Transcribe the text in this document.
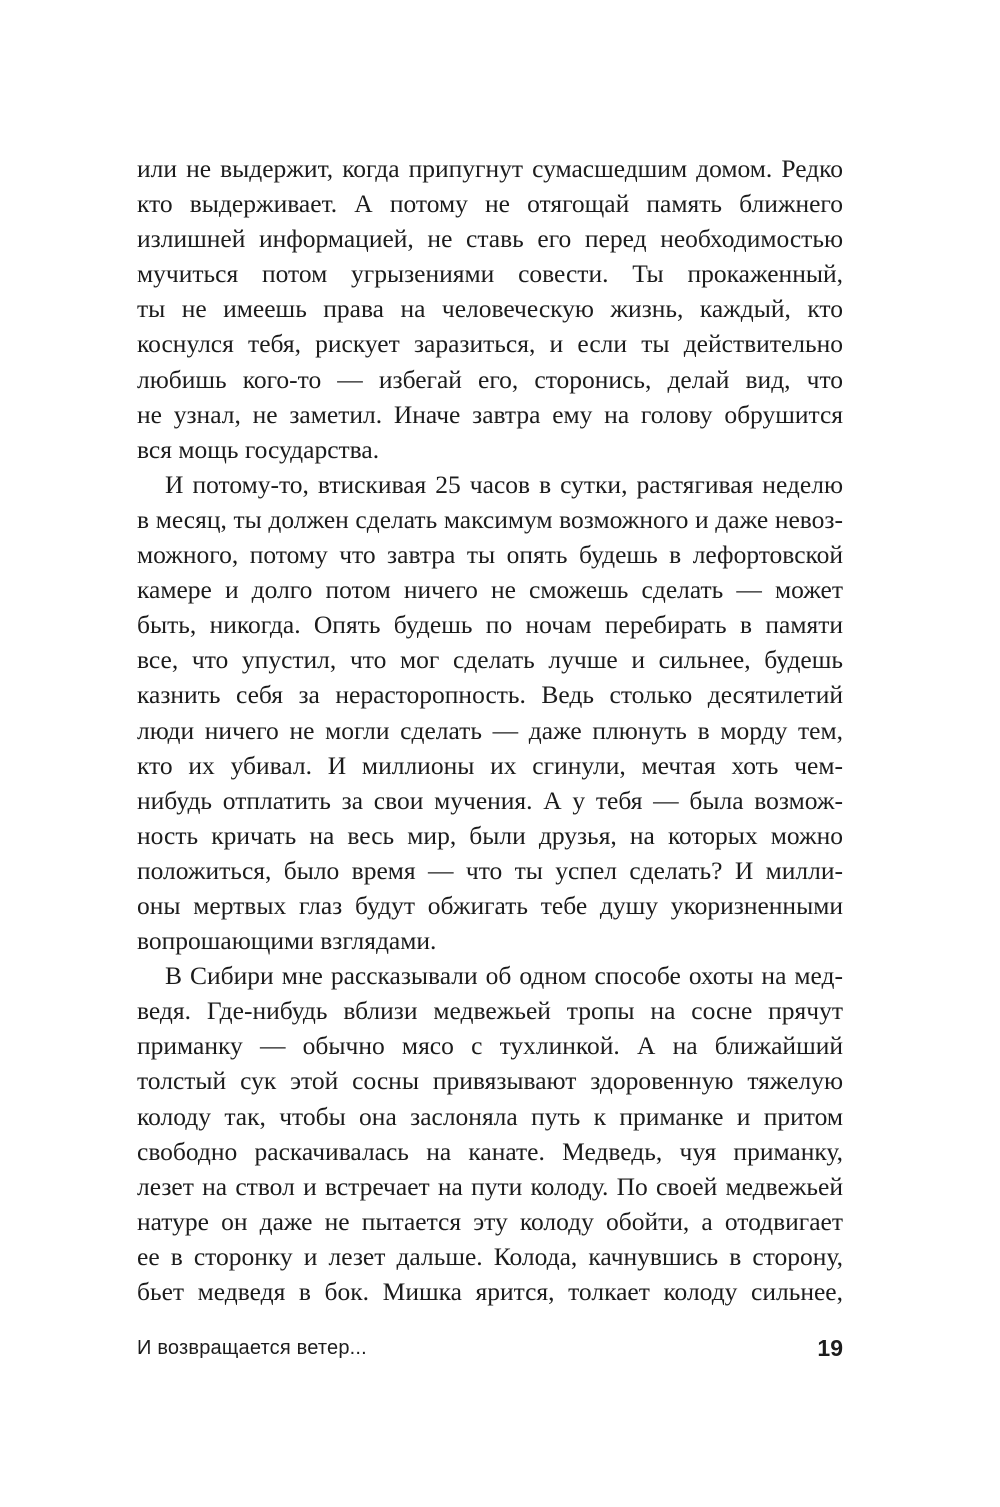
или не выдержит, когда припугнут сумасшедшим домом. Редко
кто выдерживает. А потому не отягощай память ближнего
излишней информацией, не ставь его перед необходимостью
мучиться потом угрызениями совести. Ты прокаженный,
ты не имеешь права на человеческую жизнь, каждый, кто
коснулся тебя, рискует заразиться, и если ты действительно
любишь кого-то — избегай его, сторонись, делай вид, что
не узнал, не заметил. Иначе завтра ему на голову обрушится
вся мощь государства.
И потому-то, втискивая 25 часов в сутки, растягивая неделю
в месяц, ты должен сделать максимум возможного и даже невоз-
можного, потому что завтра ты опять будешь в лефортовской
камере и долго потом ничего не сможешь сделать — может
быть, никогда. Опять будешь по ночам перебирать в памяти
все, что упустил, что мог сделать лучше и сильнее, будешь
казнить себя за нерасторопность. Ведь столько десятилетий
люди ничего не могли сделать — даже плюнуть в морду тем,
кто их убивал. И миллионы их сгинули, мечтая хоть чем-
нибудь отплатить за свои мучения. А у тебя — была возмож-
ность кричать на весь мир, были друзья, на которых можно
положиться, было время — что ты успел сделать? И милли-
оны мертвых глаз будут обжигать тебе душу укоризненными
вопрошающими взглядами.
В Сибири мне рассказывали об одном способе охоты на мед-
ведя. Где-нибудь вблизи медвежьей тропы на сосне прячут
приманку — обычно мясо с тухлинкой. А на ближайший
толстый сук этой сосны привязывают здоровенную тяжелую
колоду так, чтобы она заслоняла путь к приманке и притом
свободно раскачивалась на канате. Медведь, чуя приманку,
лезет на ствол и встречает на пути колоду. По своей медвежьей
натуре он даже не пытается эту колоду обойти, а отодвигает
ее в сторонку и лезет дальше. Колода, качнувшись в сторону,
бьет медведя в бок. Мишка ярится, толкает колоду сильнее,
И возвращается ветер...	19
